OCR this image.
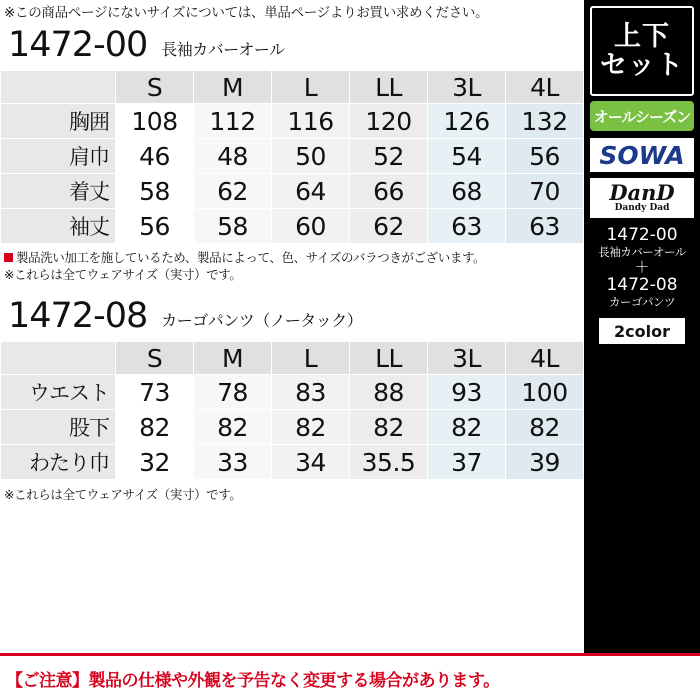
※この商品ページにないサイズについては、単品ページよりお買い求めください。
1472-00 長袖カバーオール
	S	M	L	LL	3L	4L
胸囲	108	112	116	120	126	132
肩巾	46	48	50	52	54	56
着丈	58	62	64	66	68	70
袖丈	56	58	60	62	63	63
製品洗い加工を施しているため、製品によって、色、サイズのバラつきがございます。
※これらは全てウェアサイズ（実寸）です。
1472-08 カーゴパンツ（ノータック）
	S	M	L	LL	3L	4L
ウエスト	73	78	83	88	93	100
股下	82	82	82	82	82	82
わたり巾	32	33	34	35.5	37	39
※これらは全てウェアサイズ（実寸）です。
上下
セット
オールシーズン
SOWA
DanD
Dandy Dad
1472-00
長袖カバーオール
＋
1472-08
カーゴパンツ
2color
【ご注意】製品の仕様や外観を予告なく変更する場合があります。
